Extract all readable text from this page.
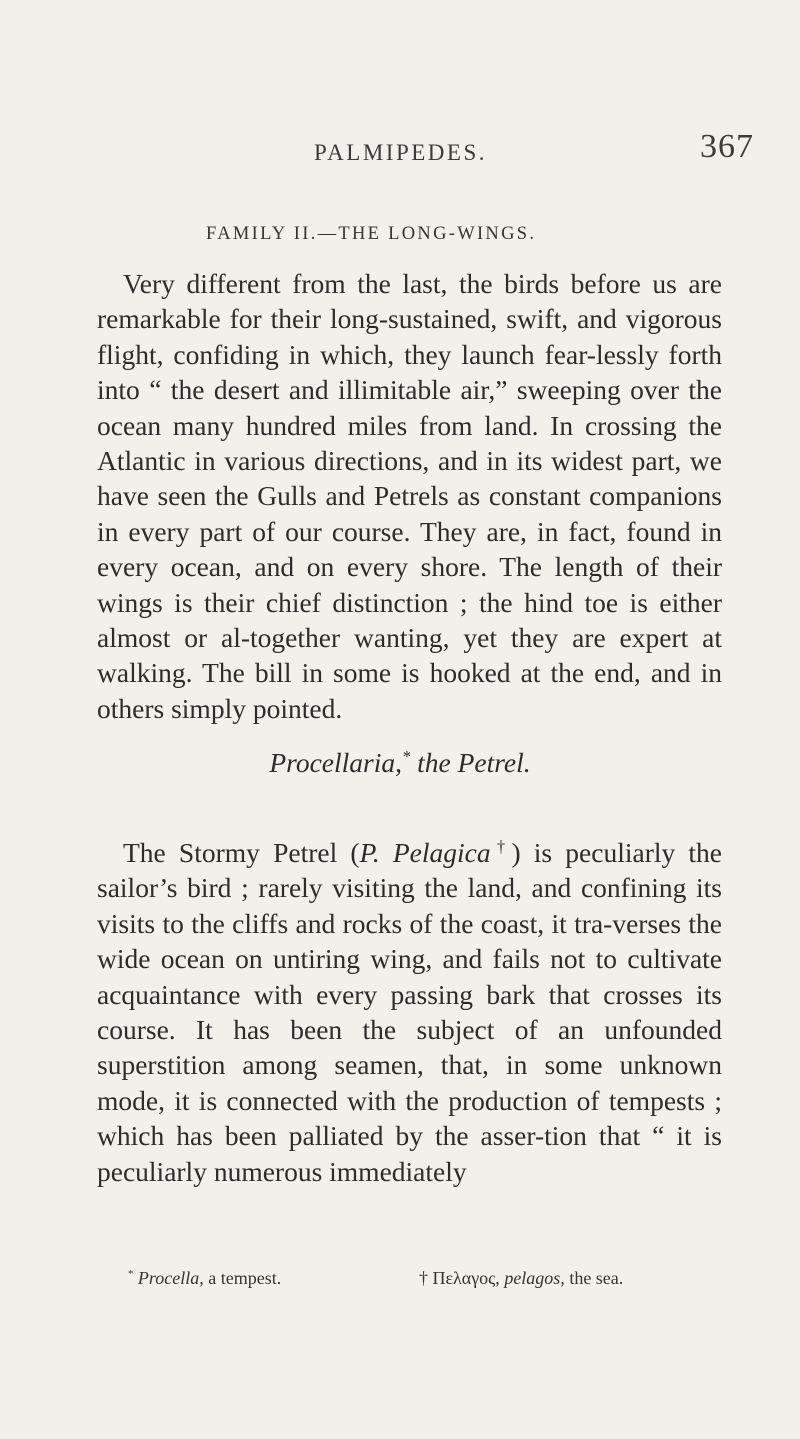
PALMIPEDES.	367
FAMILY II.—THE LONG-WINGS.

Very different from the last, the birds before us are remarkable for their long-sustained, swift, and vigorous flight, confiding in which, they launch fear-lessly forth into “ the desert and illimitable air,” sweeping over the ocean many hundred miles from land. In crossing the Atlantic in various directions, and in its widest part, we have seen the Gulls and Petrels as constant companions in every part of our course. They are, in fact, found in every ocean, and on every shore. The length of their wings is their chief distinction ; the hind toe is either almost or al-together wanting, yet they are expert at walking. The bill in some is hooked at the end, and in others simply pointed.

Procellaria,* the Petrel.

The Stormy Petrel (P. Pelagica†) is peculiarly the sailor’s bird ; rarely visiting the land, and confining its visits to the cliffs and rocks of the coast, it tra-verses the wide ocean on untiring wing, and fails not to cultivate acquaintance with every passing bark that crosses its course. It has been the subject of an unfounded superstition among seamen, that, in some unknown mode, it is connected with the production of tempests ; which has been palliated by the asser-tion that “ it is peculiarly numerous immediately

* Procella, a tempest.	† Πελαγος, pelagos, the sea.
